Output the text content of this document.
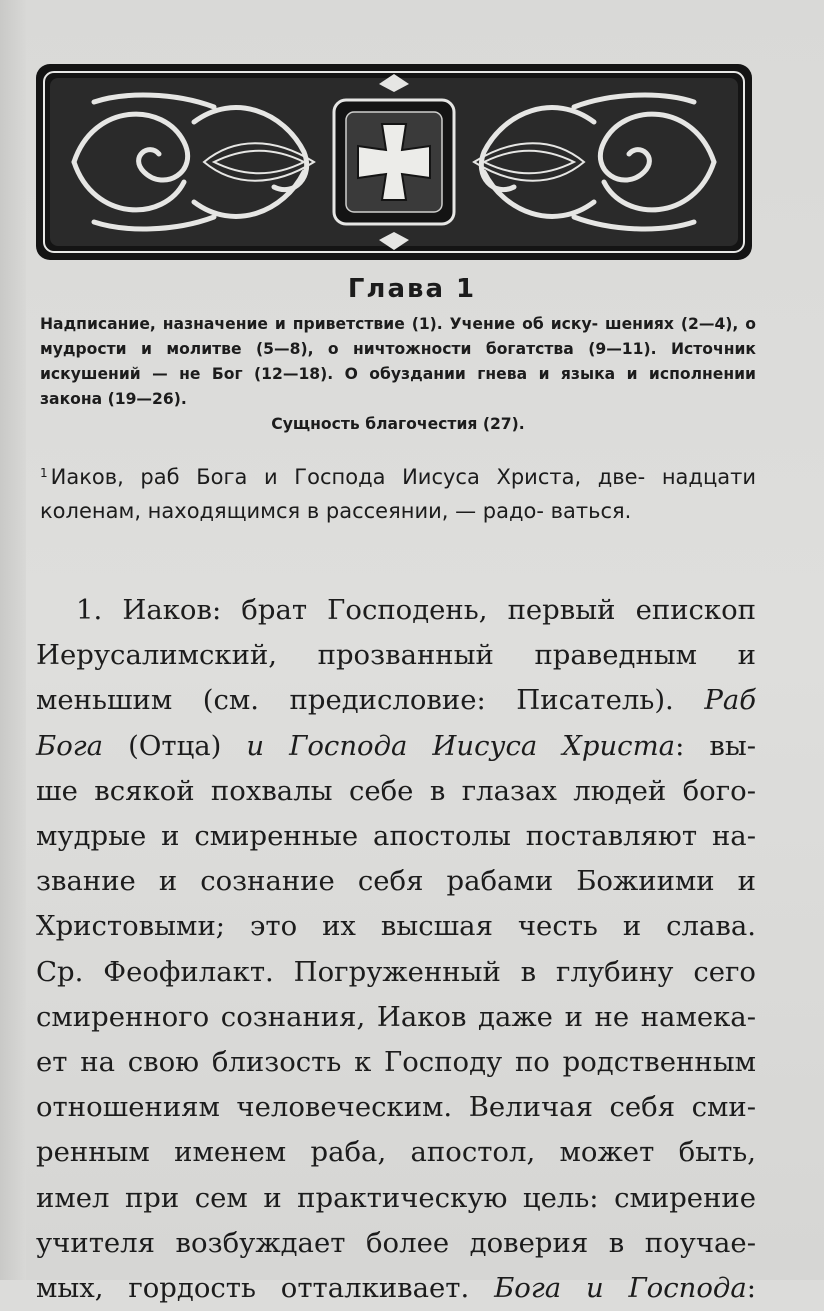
Глава 1
Надписание, назначение и приветствие (1). Учение об иску- шениях (2—4), о мудрости и молитве (5—8), о ничтожности богатства (9—11). Источник искушений — не Бог (12—18). О обуздании гнева и языка и исполнении закона (19—26).
Сущность благочестия (27).
$^1$ Иаков, раб Бога и Господа Иисуса Христа, две- надцати коленам, находящимся в рассеянии, — радо- ваться.
1. Иаков: брат Господень, первый епископ
Иерусалимский, прозванный праведным и
меньшим (см. предисловие: Писатель). Раб
Бога (Отца) и Господа Иисуса Христа: вы-
ше всякой похвалы себе в глазах людей бого-
мудрые и смиренные апостолы поставляют на-
звание и сознание себя рабами Божиими и
Христовыми; это их высшая честь и слава.
Ср. Феофилакт. Погруженный в глубину сего
смиренного сознания, Иаков даже и не намека-
ет на свою близость к Господу по родственным
отношениям человеческим. Величая себя сми-
ренным именем раба, апостол, может быть,
имел при сем и практическую цель: смирение
учителя возбуждает более доверия в поучае-
мых, гордость отталкивает. Бога и Господа:
